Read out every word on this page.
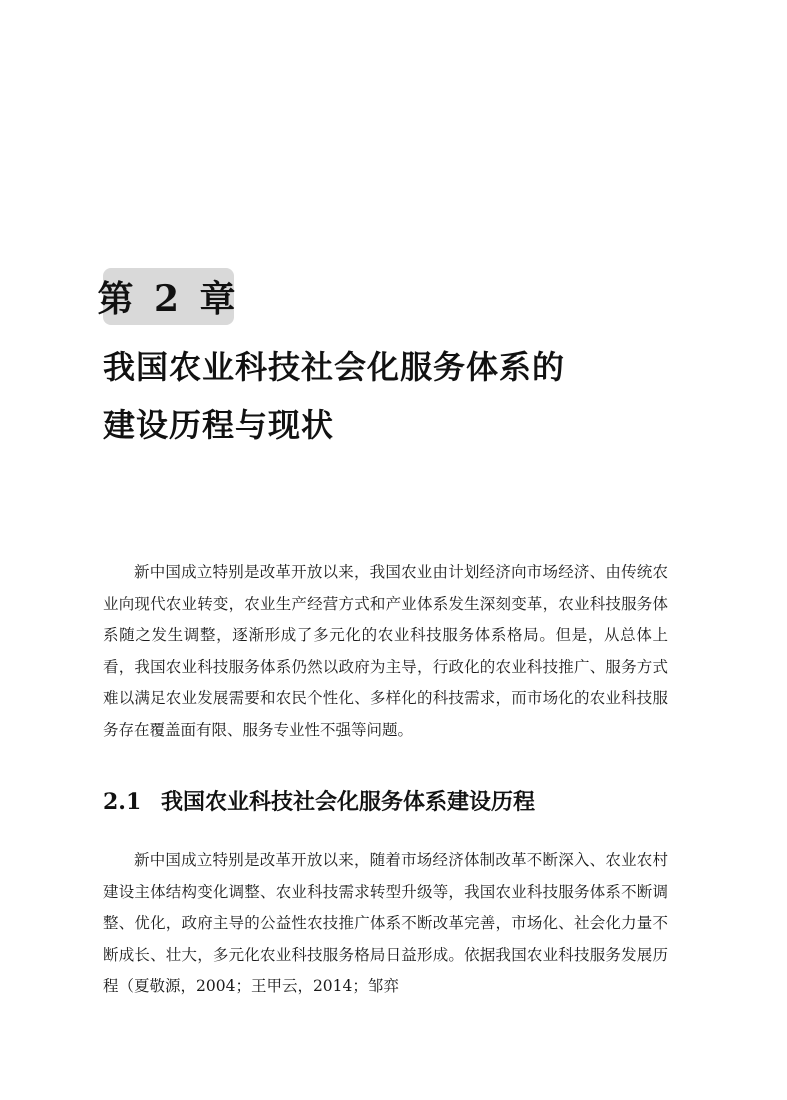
第 2 章
我国农业科技社会化服务体系的
建设历程与现状

新中国成立特别是改革开放以来，我国农业由计划经济向市场经济、由传统农业向现代农业转变，农业生产经营方式和产业体系发生深刻变革，农业科技服务体系随之发生调整，逐渐形成了多元化的农业科技服务体系格局。但是，从总体上看，我国农业科技服务体系仍然以政府为主导，行政化的农业科技推广、服务方式难以满足农业发展需要和农民个性化、多样化的科技需求，而市场化的农业科技服务存在覆盖面有限、服务专业性不强等问题。

2.1 我国农业科技社会化服务体系建设历程

新中国成立特别是改革开放以来，随着市场经济体制改革不断深入、农业农村建设主体结构变化调整、农业科技需求转型升级等，我国农业科技服务体系不断调整、优化，政府主导的公益性农技推广体系不断改革完善，市场化、社会化力量不断成长、壮大，多元化农业科技服务格局日益形成。依据我国农业科技服务发展历程（夏敬源，2004；王甲云，2014；邹弈
